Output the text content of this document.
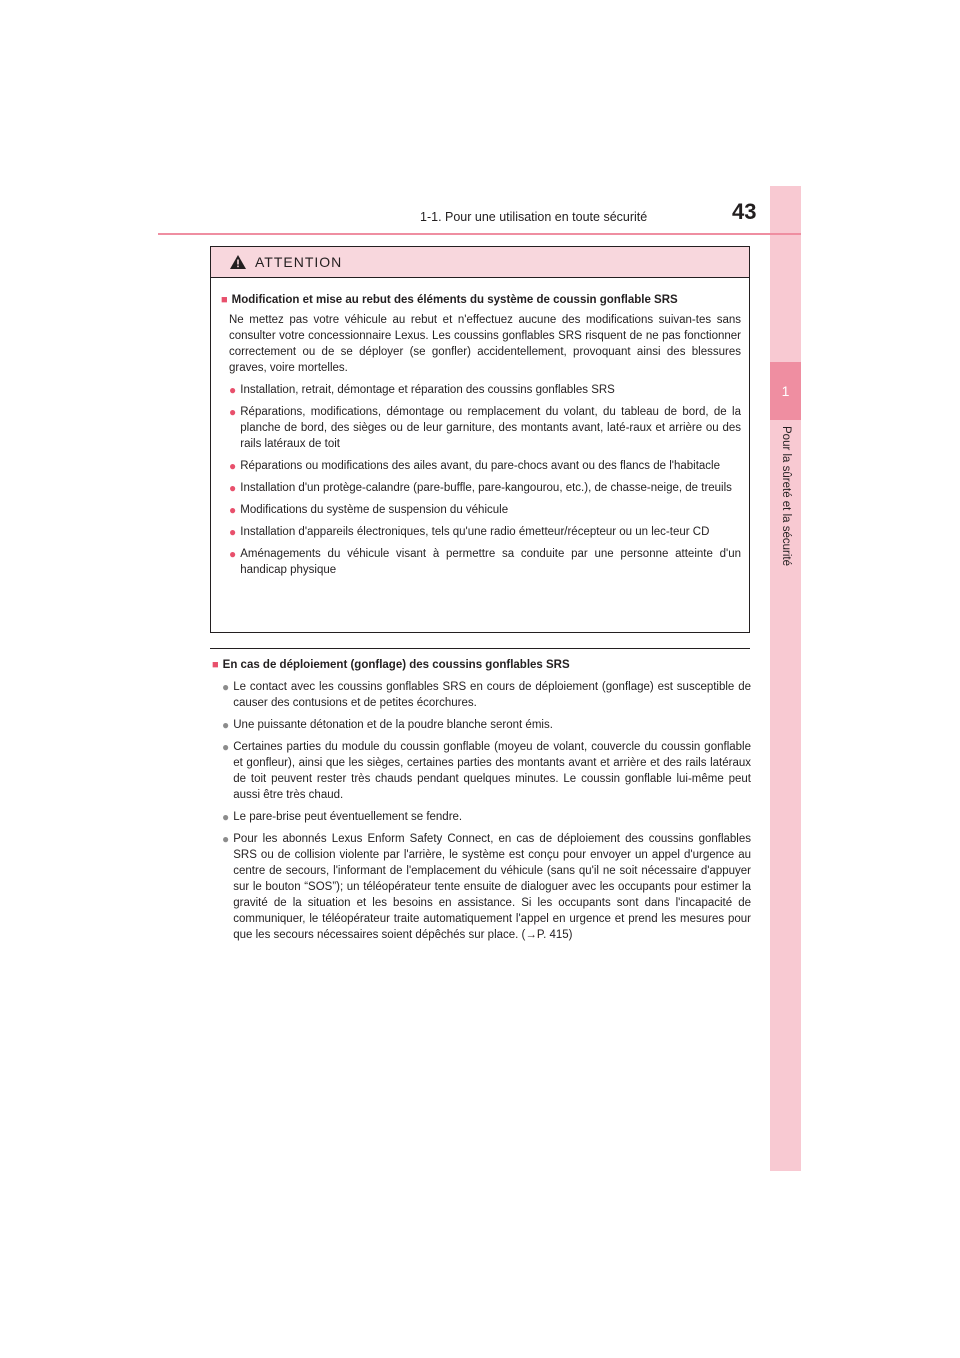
1
Pour la sûreté et la sécurité
1-1. Pour une utilisation en toute sécurité	43
ATTENTION
■ Modification et mise au rebut des éléments du système de coussin gonflable SRS
Ne mettez pas votre véhicule au rebut et n'effectuez aucune des modifications suivan-tes sans consulter votre concessionnaire Lexus. Les coussins gonflables SRS risquent de ne pas fonctionner correctement ou de se déployer (se gonfler) accidentellement, provoquant ainsi des blessures graves, voire mortelles.
● Installation, retrait, démontage et réparation des coussins gonflables SRS
● Réparations, modifications, démontage ou remplacement du volant, du tableau de bord, de la planche de bord, des sièges ou de leur garniture, des montants avant, laté-raux et arrière ou des rails latéraux de toit
● Réparations ou modifications des ailes avant, du pare-chocs avant ou des flancs de l'habitacle
● Installation d'un protège-calandre (pare-buffle, pare-kangourou, etc.), de chasse-neige, de treuils
● Modifications du système de suspension du véhicule
● Installation d'appareils électroniques, tels qu'une radio émetteur/récepteur ou un lec-teur CD
● Aménagements du véhicule visant à permettre sa conduite par une personne atteinte d'un handicap physique
■ En cas de déploiement (gonflage) des coussins gonflables SRS
● Le contact avec les coussins gonflables SRS en cours de déploiement (gonflage) est susceptible de causer des contusions et de petites écorchures.
● Une puissante détonation et de la poudre blanche seront émis.
● Certaines parties du module du coussin gonflable (moyeu de volant, couvercle du coussin gonflable et gonfleur), ainsi que les sièges, certaines parties des montants avant et arrière et des rails latéraux de toit peuvent rester très chauds pendant quelques minutes. Le coussin gonflable lui-même peut aussi être très chaud.
● Le pare-brise peut éventuellement se fendre.
● Pour les abonnés Lexus Enform Safety Connect, en cas de déploiement des coussins gonflables SRS ou de collision violente par l'arrière, le système est conçu pour envoyer un appel d'urgence au centre de secours, l'informant de l'emplacement du véhicule (sans qu'il ne soit nécessaire d'appuyer sur le bouton “SOS”); un téléopérateur tente ensuite de dialoguer avec les occupants pour estimer la gravité de la situation et les besoins en assistance. Si les occupants sont dans l'incapacité de communiquer, le téléopérateur traite automatiquement l'appel en urgence et prend les mesures pour que les secours nécessaires soient dépêchés sur place. (→P. 415)
